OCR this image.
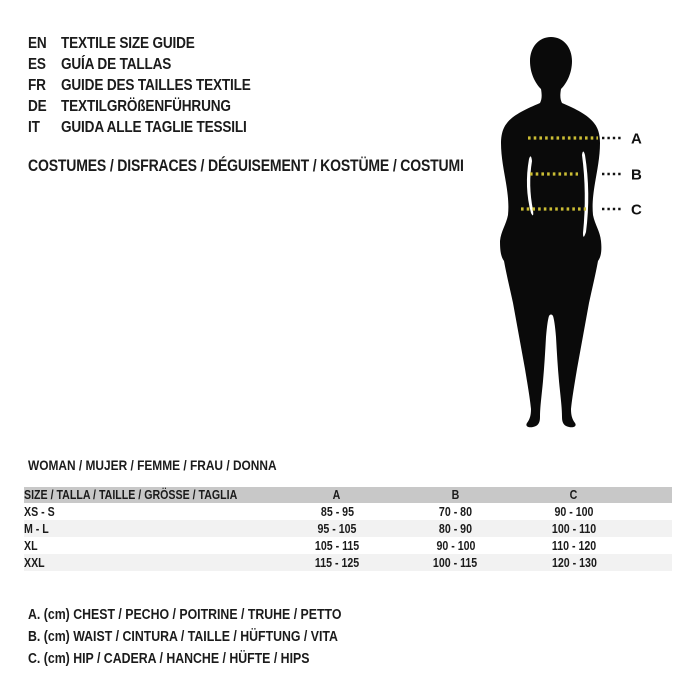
EN TEXTILE SIZE GUIDE
ES GUÍA DE TALLAS
FR GUIDE DES TAILLES TEXTILE
DE TEXTILGRÖßENFÜHRUNG
IT GUIDA ALLE TAGLIE TESSILI
COSTUMES / DISFRACES / DÉGUISEMENT / KOSTÜME / COSTUMI
A
B
C
WOMAN / MUJER / FEMME / FRAU / DONNA
SIZE / TALLA / TAILLE / GRÖSSE / TAGLIA	A	B	C	
XS - S	85 - 95	70 - 80	90 - 100	
M - L	95 - 105	80 - 90	100 - 110	
XL	105 - 115	90 - 100	110 - 120	
XXL	115 - 125	100 - 115	120 - 130	
A. (cm) CHEST / PECHO / POITRINE / TRUHE / PETTO
B. (cm) WAIST / CINTURA / TAILLE / HÜFTUNG / VITA
C. (cm) HIP / CADERA / HANCHE / HÜFTE / HIPS
